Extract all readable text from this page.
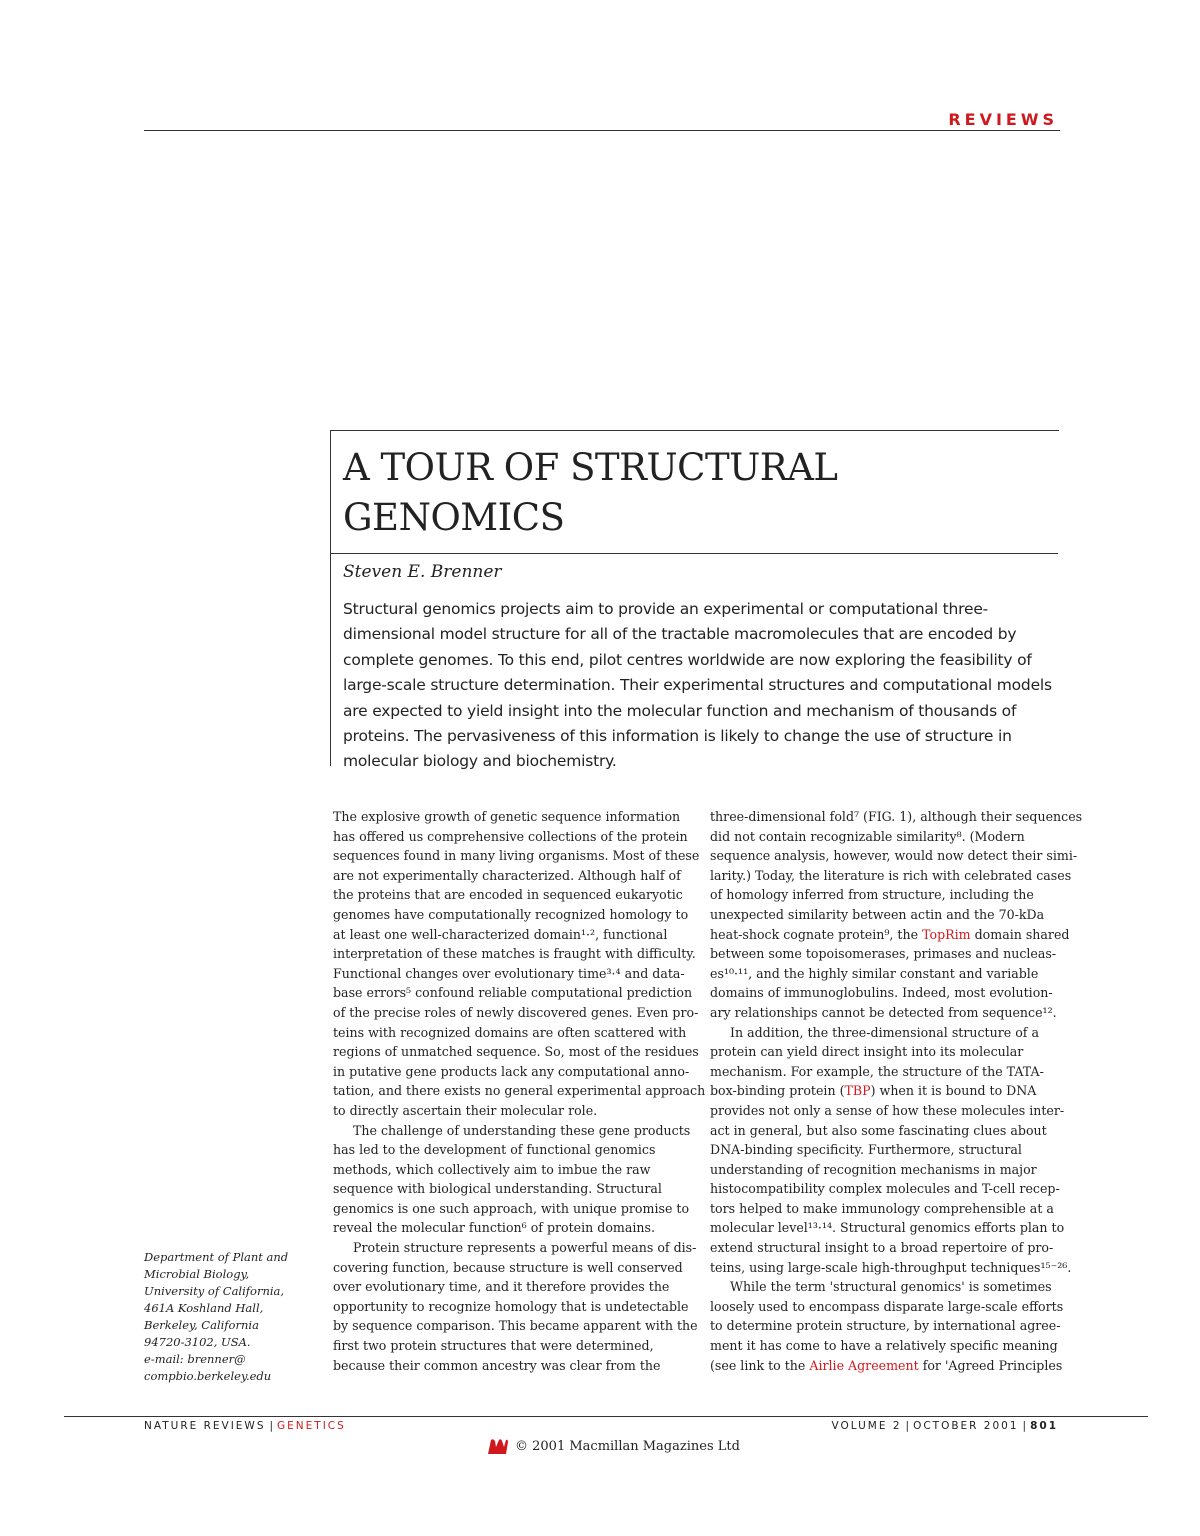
REVIEWS
A TOUR OF STRUCTURAL
GENOMICS
Steven E. Brenner
Structural genomics projects aim to provide an experimental or computational three-
dimensional model structure for all of the tractable macromolecules that are encoded by
complete genomes. To this end, pilot centres worldwide are now exploring the feasibility of
large-scale structure determination. Their experimental structures and computational models
are expected to yield insight into the molecular function and mechanism of thousands of
proteins. The pervasiveness of this information is likely to change the use of structure in
molecular biology and biochemistry.
The explosive growth of genetic sequence information
has offered us comprehensive collections of the protein
sequences found in many living organisms. Most of these
are not experimentally characterized. Although half of
the proteins that are encoded in sequenced eukaryotic
genomes have computationally recognized homology to
at least one well-characterized domain¹·², functional
interpretation of these matches is fraught with difficulty.
Functional changes over evolutionary time³·⁴ and data-
base errors⁵ confound reliable computational prediction
of the precise roles of newly discovered genes. Even pro-
teins with recognized domains are often scattered with
regions of unmatched sequence. So, most of the residues
in putative gene products lack any computational anno-
tation, and there exists no general experimental approach
to directly ascertain their molecular role.
The challenge of understanding these gene products
has led to the development of functional genomics
methods, which collectively aim to imbue the raw
sequence with biological understanding. Structural
genomics is one such approach, with unique promise to
reveal the molecular function⁶ of protein domains.
Protein structure represents a powerful means of dis-
covering function, because structure is well conserved
over evolutionary time, and it therefore provides the
opportunity to recognize homology that is undetectable
by sequence comparison. This became apparent with the
first two protein structures that were determined,
because their common ancestry was clear from the
three-dimensional fold⁷ (FIG. 1), although their sequences
did not contain recognizable similarity⁸. (Modern
sequence analysis, however, would now detect their simi-
larity.) Today, the literature is rich with celebrated cases
of homology inferred from structure, including the
unexpected similarity between actin and the 70-kDa
heat-shock cognate protein⁹, the TopRim domain shared
between some topoisomerases, primases and nucleas-
es¹⁰·¹¹, and the highly similar constant and variable
domains of immunoglobulins. Indeed, most evolution-
ary relationships cannot be detected from sequence¹².
In addition, the three-dimensional structure of a
protein can yield direct insight into its molecular
mechanism. For example, the structure of the TATA-
box-binding protein (TBP) when it is bound to DNA
provides not only a sense of how these molecules inter-
act in general, but also some fascinating clues about
DNA-binding specificity. Furthermore, structural
understanding of recognition mechanisms in major
histocompatibility complex molecules and T-cell recep-
tors helped to make immunology comprehensible at a
molecular level¹³·¹⁴. Structural genomics efforts plan to
extend structural insight to a broad repertoire of pro-
teins, using large-scale high-throughput techniques¹⁵⁻²⁶.
While the term 'structural genomics' is sometimes
loosely used to encompass disparate large-scale efforts
to determine protein structure, by international agree-
ment it has come to have a relatively specific meaning
(see link to the Airlie Agreement for 'Agreed Principles
Department of Plant and
Microbial Biology,
University of California,
461A Koshland Hall,
Berkeley, California
94720-3102, USA.
e-mail: brenner@
compbio.berkeley.edu
NATURE REVIEWS | GENETICS	VOLUME 2 | OCTOBER 2001 | 801
© 2001 Macmillan Magazines Ltd
